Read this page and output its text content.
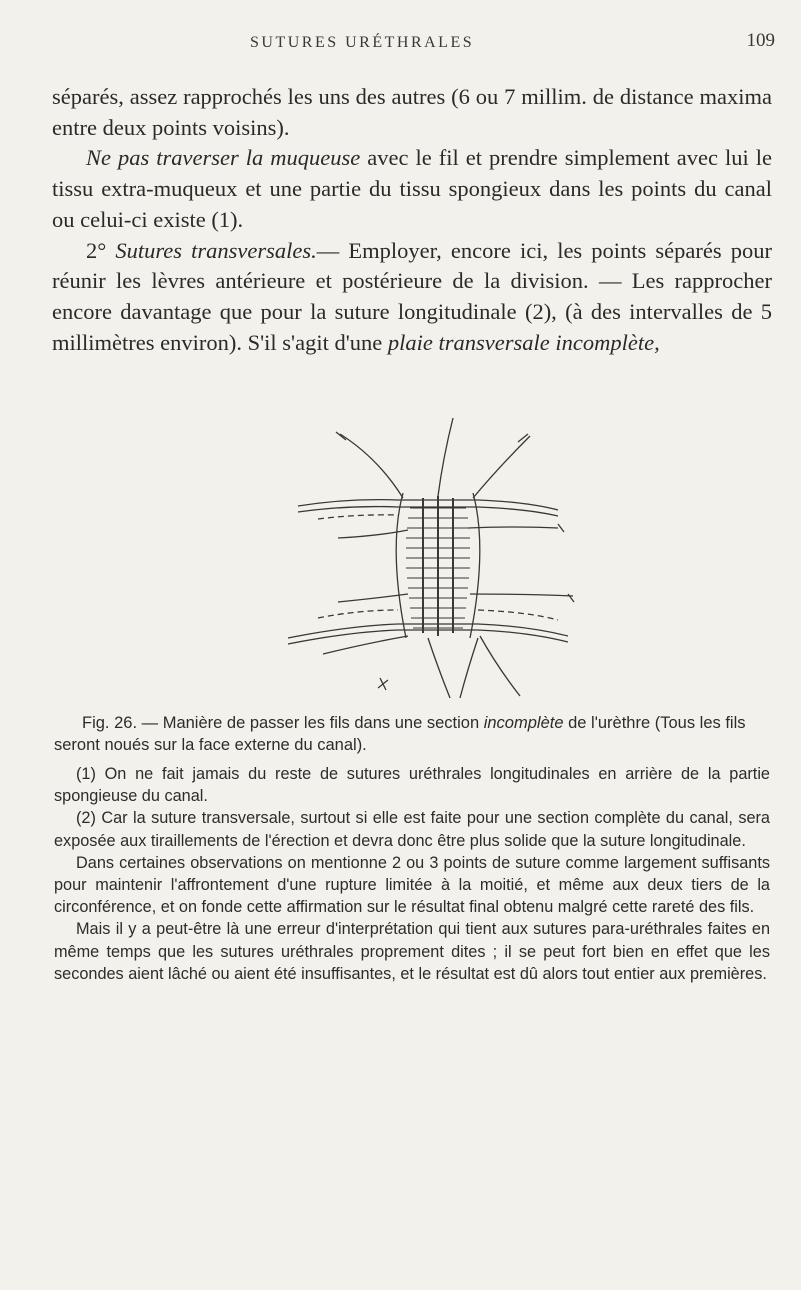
SUTURES URÉTHRALES	109

séparés, assez rapprochés les uns des autres (6 ou 7 millim. de distance maxima entre deux points voisins).

Ne pas traverser la muqueuse avec le fil et prendre simplement avec lui le tissu extra-muqueux et une partie du tissu spongieux dans les points du canal ou celui-ci existe (1).

2° Sutures transversales.— Employer, encore ici, les points séparés pour réunir les lèvres antérieure et postérieure de la division. — Les rapprocher encore davantage que pour la suture longitudinale (2), (à des intervalles de 5 millimètres environ). S'il s'agit d'une plaie transversale incomplète,

Fig. 26. — Manière de passer les fils dans une section incomplète de l'urèthre (Tous les fils seront noués sur la face externe du canal).

(1) On ne fait jamais du reste de sutures uréthrales longitudinales en arrière de la partie spongieuse du canal.

(2) Car la suture transversale, surtout si elle est faite pour une section complète du canal, sera exposée aux tiraillements de l'érection et devra donc être plus solide que la suture longitudinale.

Dans certaines observations on mentionne 2 ou 3 points de suture comme largement suffisants pour maintenir l'affrontement d'une rupture limitée à la moitié, et même aux deux tiers de la circonférence, et on fonde cette affirmation sur le résultat final obtenu malgré cette rareté des fils.

Mais il y a peut-être là une erreur d'interprétation qui tient aux sutures para-uréthrales faites en même temps que les sutures uréthrales proprement dites ; il se peut fort bien en effet que les secondes aient lâché ou aient été insuffisantes, et le résultat est dû alors tout entier aux premières.
